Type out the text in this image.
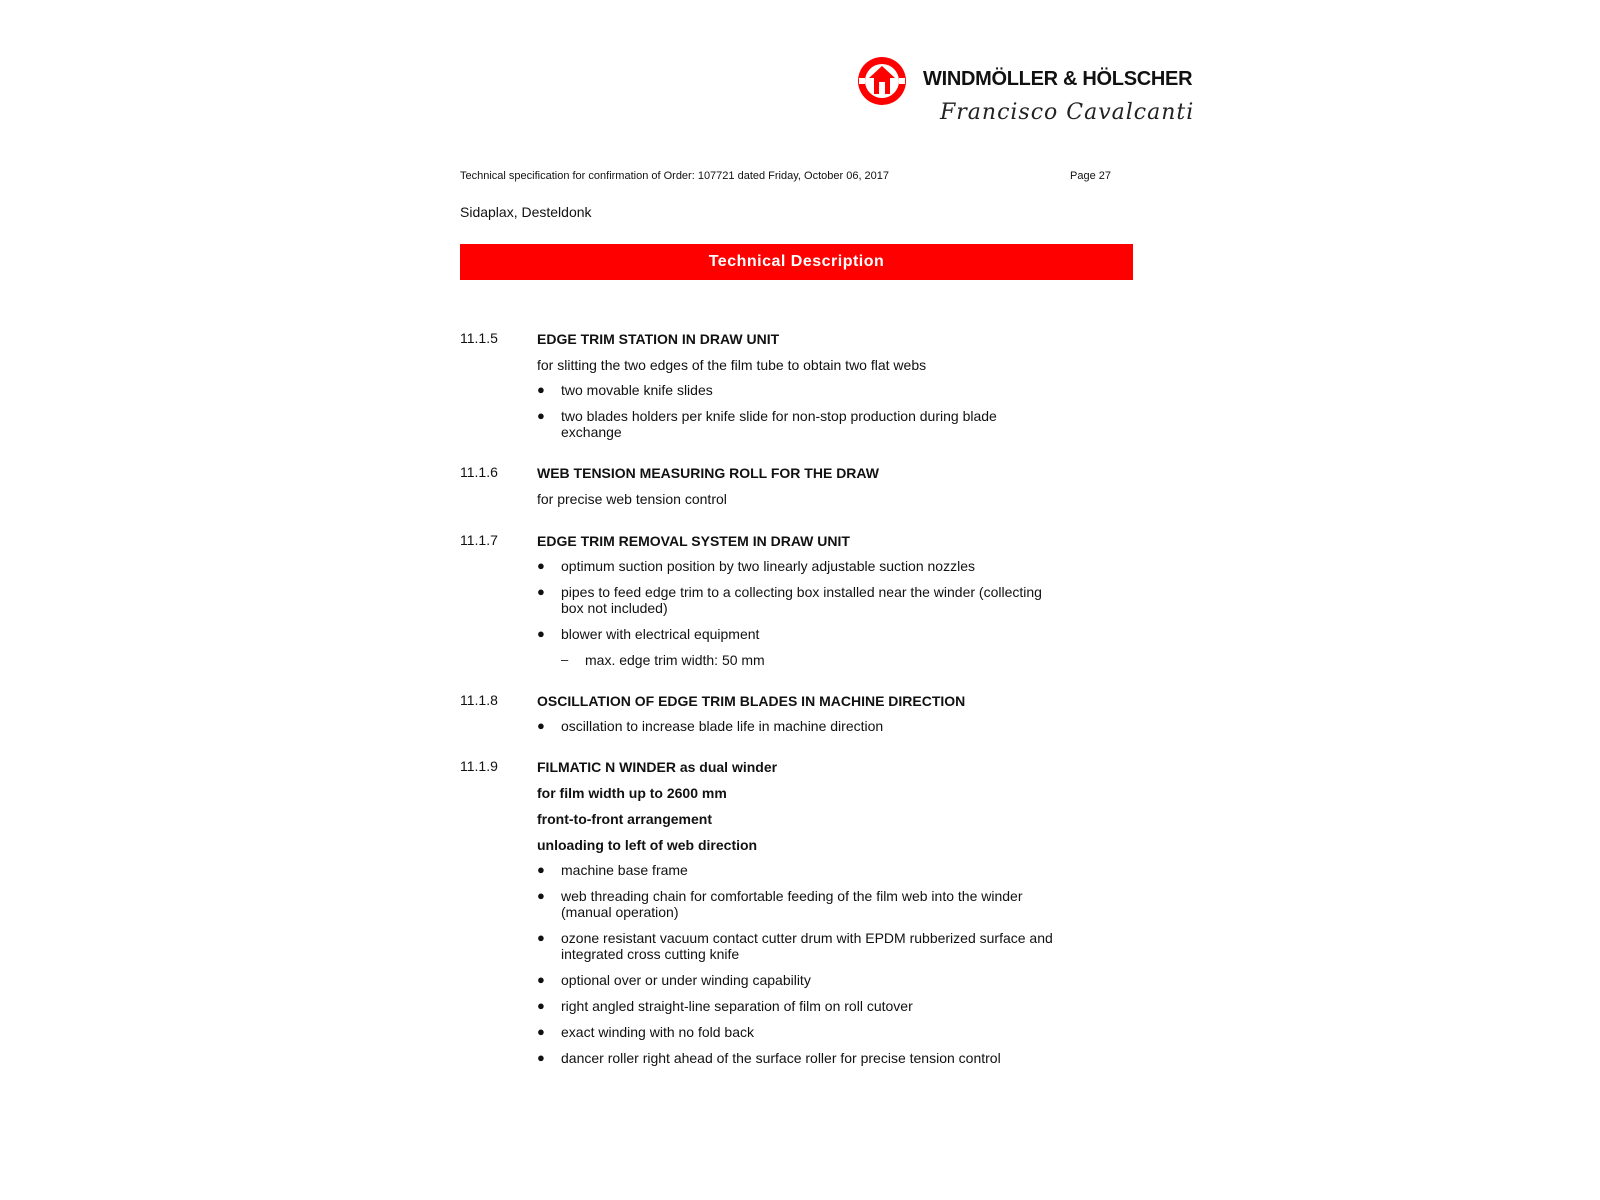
WINDMÖLLER & HÖLSCHER
Francisco Cavalcanti
Technical specification for confirmation of Order: 107721 dated Friday, October 06, 2017	Page 27
Sidaplax, Desteldonk
Technical Description
11.1.5	EDGE TRIM STATION IN DRAW UNIT
for slitting the two edges of the film tube to obtain two flat webs
● two movable knife slides
● two blades holders per knife slide for non-stop production during blade exchange
11.1.6	WEB TENSION MEASURING ROLL FOR THE DRAW
for precise web tension control
11.1.7	EDGE TRIM REMOVAL SYSTEM IN DRAW UNIT
● optimum suction position by two linearly adjustable suction nozzles
● pipes to feed edge trim to a collecting box installed near the winder (collecting box not included)
● blower with electrical equipment
– max. edge trim width: 50 mm
11.1.8	OSCILLATION OF EDGE TRIM BLADES IN MACHINE DIRECTION
● oscillation to increase blade life in machine direction
11.1.9	FILMATIC N WINDER as dual winder
for film width up to 2600 mm
front-to-front arrangement
unloading to left of web direction
● machine base frame
● web threading chain for comfortable feeding of the film web into the winder (manual operation)
● ozone resistant vacuum contact cutter drum with EPDM rubberized surface and integrated cross cutting knife
● optional over or under winding capability
● right angled straight-line separation of film on roll cutover
● exact winding with no fold back
● dancer roller right ahead of the surface roller for precise tension control
